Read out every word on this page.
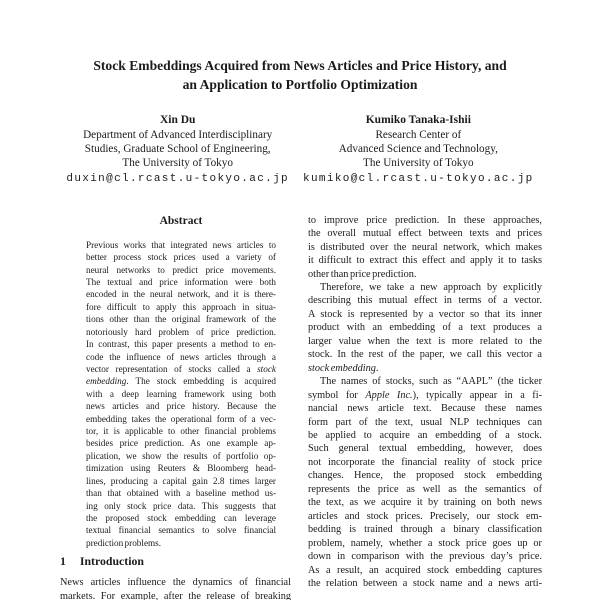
Stock Embeddings Acquired from News Articles and Price History, and
an Application to Portfolio Optimization
Xin Du
Department of Advanced Interdisciplinary
Studies, Graduate School of Engineering,
The University of Tokyo
duxin@cl.rcast.u-tokyo.ac.jp
Kumiko Tanaka-Ishii
Research Center of
Advanced Science and Technology,
The University of Tokyo
kumiko@cl.rcast.u-tokyo.ac.jp
Abstract
Previous works that integrated news articles to
better process stock prices used a variety of
neural networks to predict price movements.
The textual and price information were both
encoded in the neural network, and it is there-
fore difficult to apply this approach in situa-
tions other than the original framework of the
notoriously hard problem of price prediction.
In contrast, this paper presents a method to en-
code the influence of news articles through a
vector representation of stocks called a stock
embedding. The stock embedding is acquired
with a deep learning framework using both
news articles and price history. Because the
embedding takes the operational form of a vec-
tor, it is applicable to other financial problems
besides price prediction. As one example ap-
plication, we show the results of portfolio op-
timization using Reuters & Bloomberg head-
lines, producing a capital gain 2.8 times larger
than that obtained with a baseline method us-
ing only stock price data. This suggests that
the proposed stock embedding can leverage
textual financial semantics to solve financial
prediction problems.
1 Introduction
News articles influence the dynamics of financial
markets. For example, after the release of breaking
to improve price prediction. In these approaches,
the overall mutual effect between texts and prices
is distributed over the neural network, which makes
it difficult to extract this effect and apply it to tasks
other than price prediction.
Therefore, we take a new approach by explicitly
describing this mutual effect in terms of a vector.
A stock is represented by a vector so that its inner
product with an embedding of a text produces a
larger value when the text is more related to the
stock. In the rest of the paper, we call this vector a
stock embedding.
The names of stocks, such as “AAPL” (the ticker
symbol for Apple Inc.), typically appear in a fi-
nancial news article text. Because these names
form part of the text, usual NLP techniques can
be applied to acquire an embedding of a stock.
Such general textual embedding, however, does
not incorporate the financial reality of stock price
changes. Hence, the proposed stock embedding
represents the price as well as the semantics of
the text, as we acquire it by training on both news
articles and stock prices. Precisely, our stock em-
bedding is trained through a binary classification
problem, namely, whether a stock price goes up or
down in comparison with the previous day’s price.
As a result, an acquired stock embedding captures
the relation between a stock name and a news arti-
